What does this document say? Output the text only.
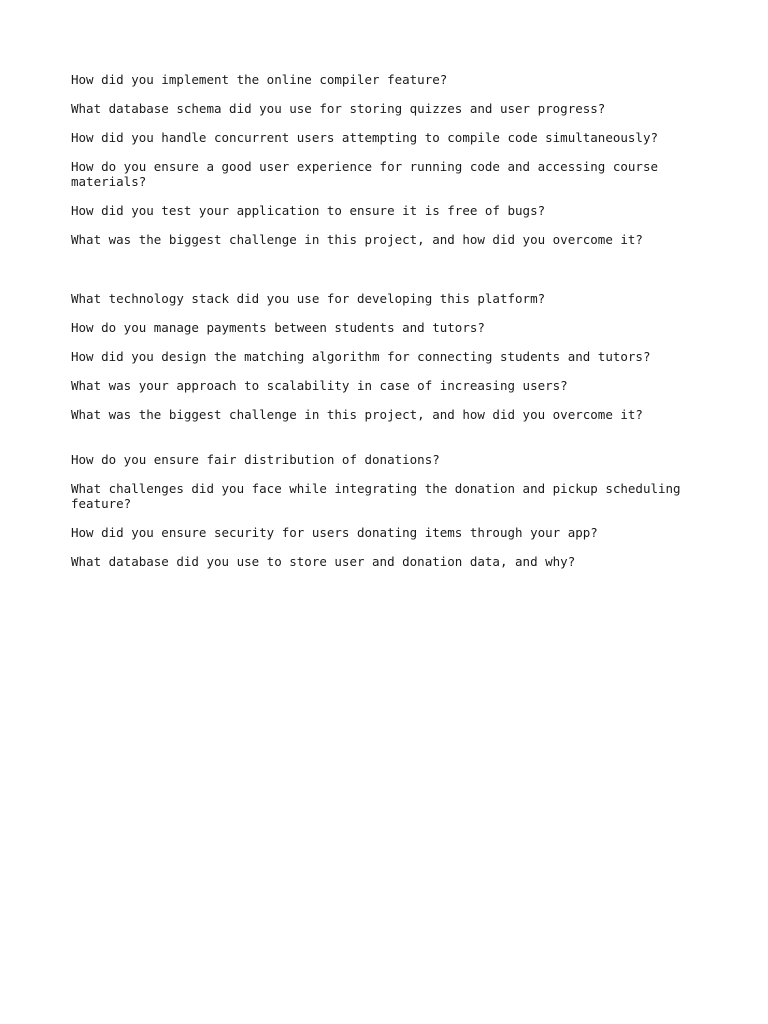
How did you implement the online compiler feature?

What database schema did you use for storing quizzes and user progress?

How did you handle concurrent users attempting to compile code simultaneously?

How do you ensure a good user experience for running code and accessing course materials?

How did you test your application to ensure it is free of bugs?

What was the biggest challenge in this project, and how did you overcome it?

What technology stack did you use for developing this platform?

How do you manage payments between students and tutors?

How did you design the matching algorithm for connecting students and tutors?

What was your approach to scalability in case of increasing users?

What was the biggest challenge in this project, and how did you overcome it?

How do you ensure fair distribution of donations?

What challenges did you face while integrating the donation and pickup scheduling feature?

How did you ensure security for users donating items through your app?

What database did you use to store user and donation data, and why?
